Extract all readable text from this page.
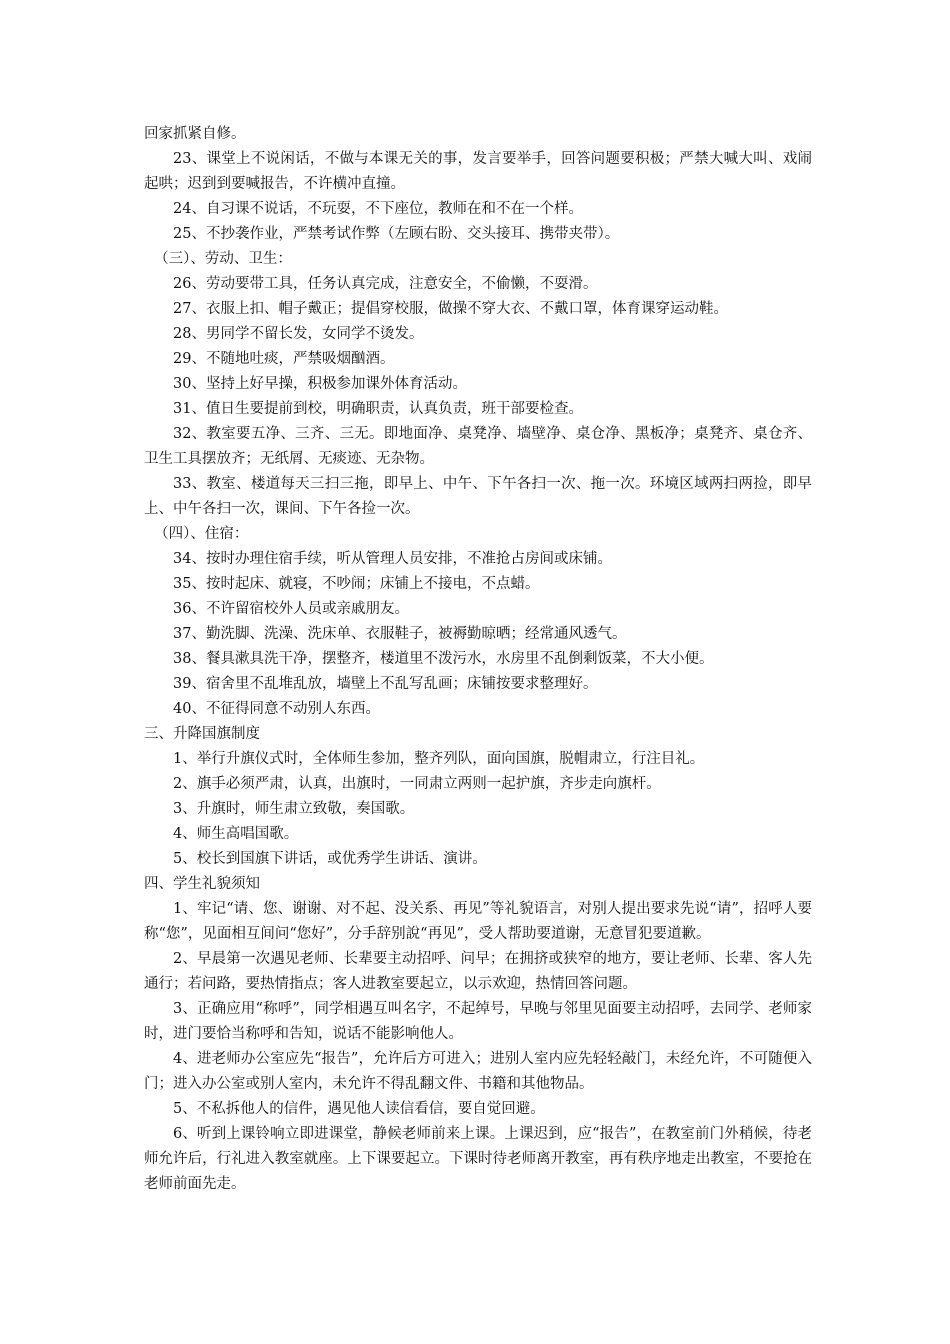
回家抓紧自修。
23、课堂上不说闲话，不做与本课无关的事，发言要举手，回答问题要积极；严禁大喊大叫、戏闹起哄；迟到到要喊报告，不许横冲直撞。
24、自习课不说话，不玩耍，不下座位，教师在和不在一个样。
25、不抄袭作业，严禁考试作弊（左顾右盼、交头接耳、携带夹带）。
（三）、劳动、卫生：
26、劳动要带工具，任务认真完成，注意安全，不偷懒，不耍滑。
27、衣服上扣、帽子戴正；提倡穿校服，做操不穿大衣、不戴口罩，体育课穿运动鞋。
28、男同学不留长发，女同学不烫发。
29、不随地吐痰，严禁吸烟酗酒。
30、坚持上好早操，积极参加课外体育活动。
31、值日生要提前到校，明确职责，认真负责，班干部要检查。
32、教室要五净、三齐、三无。即地面净、桌凳净、墙壁净、桌仓净、黑板净；桌凳齐、桌仓齐、卫生工具摆放齐；无纸屑、无痰迹、无杂物。
33、教室、楼道每天三扫三拖，即早上、中午、下午各扫一次、拖一次。环境区域两扫两捡，即早上、中午各扫一次，课间、下午各捡一次。
（四）、住宿：
34、按时办理住宿手续，听从管理人员安排，不准抢占房间或床铺。
35、按时起床、就寝，不吵闹；床铺上不接电，不点蜡。
36、不许留宿校外人员或亲戚朋友。
37、勤洗脚、洗澡、洗床单、衣服鞋子，被褥勤晾晒；经常通风透气。
38、餐具漱具洗干净，摆整齐，楼道里不泼污水，水房里不乱倒剩饭菜，不大小便。
39、宿舍里不乱堆乱放，墙壁上不乱写乱画；床铺按要求整理好。
40、不征得同意不动别人东西。
三、升降国旗制度
1、举行升旗仪式时，全体师生参加，整齐列队，面向国旗，脱帽肃立，行注目礼。
2、旗手必须严肃，认真，出旗时，一同肃立两则一起护旗，齐步走向旗杆。
3、升旗时，师生肃立致敬，奏国歌。
4、师生高唱国歌。
5、校长到国旗下讲话，或优秀学生讲话、演讲。
四、学生礼貌须知
1、牢记“请、您、谢谢、对不起、没关系、再见”等礼貌语言，对别人提出要求先说“请”，招呼人要称“您”，见面相互间问“您好”，分手辞别說“再见”，受人帮助要道谢，无意冒犯要道歉。
2、早晨第一次遇见老师、长辈要主动招呼、问早；在拥挤或狭窄的地方，要让老师、长辈、客人先通行；若问路，要热情指点；客人进教室要起立，以示欢迎，热情回答问题。
3、正确应用“称呼”，同学相遇互叫名字，不起绰号，早晚与邻里见面要主动招呼，去同学、老师家时，进门要恰当称呼和告知，说话不能影响他人。
4、进老师办公室应先“报告”，允许后方可进入；进别人室内应先轻轻敲门，未经允许，不可随便入门；进入办公室或别人室内，未允许不得乱翻文件、书籍和其他物品。
5、不私拆他人的信件，遇见他人读信看信，要自觉回避。
6、听到上课铃响立即进课堂，静候老师前来上课。上课迟到，应“报告”，在教室前门外稍候，待老师允许后，行礼进入教室就座。上下课要起立。下课时待老师离开教室，再有秩序地走出教室，不要抢在老师前面先走。
